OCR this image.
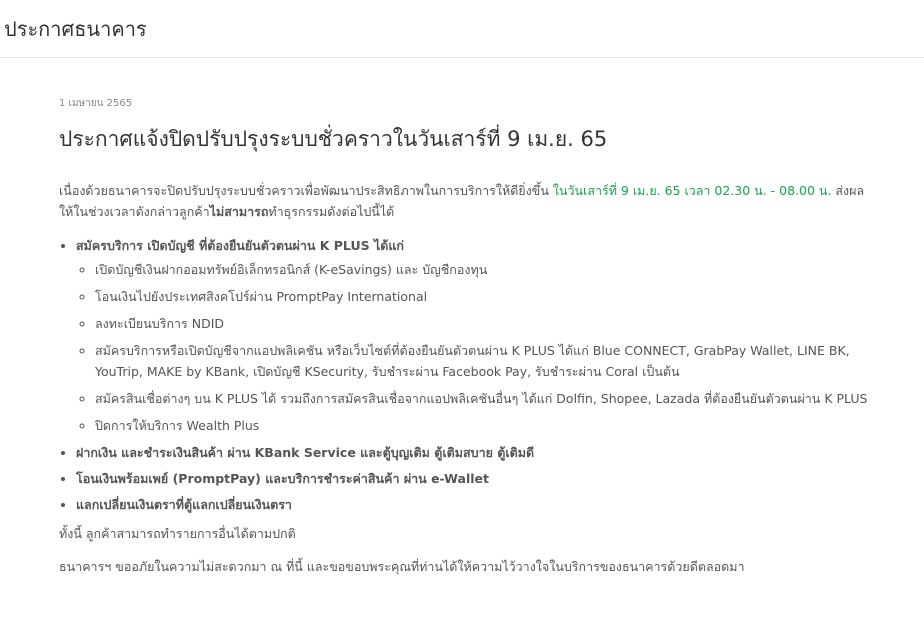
ประกาศธนาคาร
1 เมษายน 2565
ประกาศแจ้งปิดปรับปรุงระบบชั่วคราวในวันเสาร์ที่ 9 เม.ย. 65

เนื่องด้วยธนาคารจะปิดปรับปรุงระบบชั่วคราวเพื่อพัฒนาประสิทธิภาพในการบริการให้ดียิ่งขึ้น ในวันเสาร์ที่ 9 เม.ย. 65 เวลา 02.30 น. - 08.00 น. ส่งผลให้ในช่วงเวลาดังกล่าวลูกค้าไม่สามารถทำธุรกรรมดังต่อไปนี้ได้

• สมัครบริการ เปิดบัญชี ที่ต้องยืนยันตัวตนผ่าน K PLUS ได้แก่
◦ เปิดบัญชีเงินฝากออมทรัพย์อิเล็กทรอนิกส์ (K-eSavings) และ บัญชีกองทุน
◦ โอนเงินไปยังประเทศสิงคโปร์ผ่าน PromptPay International
◦ ลงทะเบียนบริการ NDID
◦ สมัครบริการหรือเปิดบัญชีจากแอปพลิเคชัน หรือเว็บไซต์ที่ต้องยืนยันตัวตนผ่าน K PLUS ได้แก่ Blue CONNECT, GrabPay Wallet, LINE BK, YouTrip, MAKE by KBank, เปิดบัญชี KSecurity, รับชำระผ่าน Facebook Pay, รับชำระผ่าน Coral เป็นต้น
◦ สมัครสินเชื่อต่างๆ บน K PLUS ได้ รวมถึงการสมัครสินเชื่อจากแอปพลิเคชันอื่นๆ ได้แก่ Dolfin, Shopee, Lazada ที่ต้องยืนยันตัวตนผ่าน K PLUS
◦ ปิดการให้บริการ Wealth Plus
• ฝากเงิน และชำระเงินสินค้า ผ่าน KBank Service และตู้บุญเติม ตู้เติมสบาย ตู้เติมดี
• โอนเงินพร้อมเพย์ (PromptPay) และบริการชำระค่าสินค้า ผ่าน e-Wallet
• แลกเปลี่ยนเงินตราที่ตู้แลกเปลี่ยนเงินตรา

ทั้งนี้ ลูกค้าสามารถทำรายการอื่นได้ตามปกติ

ธนาคารฯ ขออภัยในความไม่สะดวกมา ณ ที่นี้ และขอขอบพระคุณที่ท่านได้ให้ความไว้วางใจในบริการของธนาคารด้วยดีตลอดมา
